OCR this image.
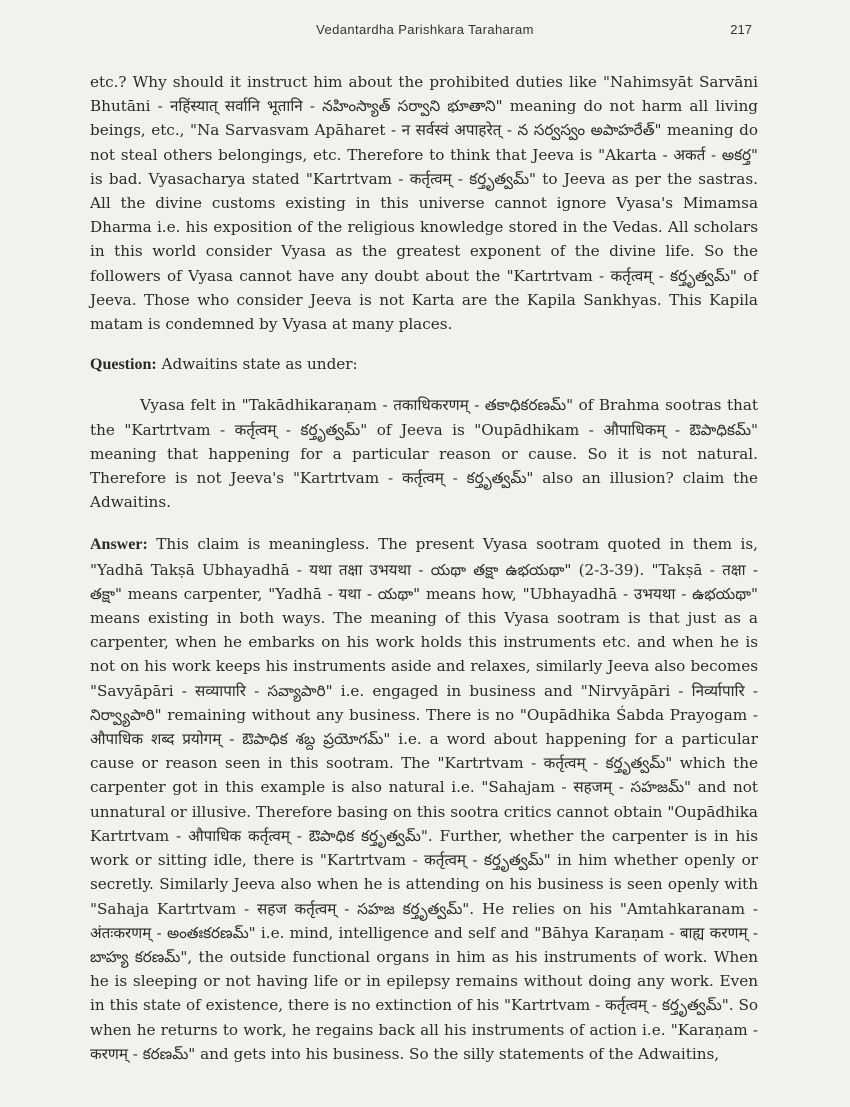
Vedantardha Parishkara Taraharam	217

etc.? Why should it instruct him about the prohibited duties like "Nahimsyāt Sarvāni Bhutāni - नहिंस्यात् सर्वानि भूतानि - నహింస్యాత్ సర్వాని భూతాని" meaning do not harm all living beings, etc., "Na Sarvasvam Apāharet - न सर्वस्वं अपाहरेत् - న సర్వస్వం అపాహరేత్" meaning do not steal others belongings, etc. Therefore to think that Jeeva is "Akarta - अकर्त - అకర్త" is bad. Vyasacharya stated "Kartrtvam - कर्तृत्वम् - కర్తృత్వమ్" to Jeeva as per the sastras. All the divine customs existing in this universe cannot ignore Vyasa's Mimamsa Dharma i.e. his exposition of the religious knowledge stored in the Vedas. All scholars in this world consider Vyasa as the greatest exponent of the divine life. So the followers of Vyasa cannot have any doubt about the "Kartrtvam - कर्तृत्वम् - కర్తృత్వమ్" of Jeeva. Those who consider Jeeva is not Karta are the Kapila Sankhyas. This Kapila matam is condemned by Vyasa at many places.

Question: Adwaitins state as under:

Vyasa felt in "Takādhikaraṇam - तकाधिकरणम् - తకాధికరణమ్" of Brahma sootras that the "Kartrtvam - कर्तृत्वम् - కర్తృత్వమ్" of Jeeva is "Oupādhikam - औपाधिकम् - ఔపాధికమ్" meaning that happening for a particular reason or cause. So it is not natural. Therefore is not Jeeva's "Kartrtvam - कर्तृत्वम् - కర్తృత్వమ్" also an illusion? claim the Adwaitins.

Answer: This claim is meaningless. The present Vyasa sootram quoted in them is, "Yadhā Takṣā Ubhayadhā - यथा तक्षा उभयथा - యథా తక్షా ఉభయథా" (2-3-39). "Takṣā - तक्षा - తక్షా" means carpenter, "Yadhā - यथा - యథా" means how, "Ubhayadhā - उभयथा - ఉభయథా" means existing in both ways. The meaning of this Vyasa sootram is that just as a carpenter, when he embarks on his work holds this instruments etc. and when he is not on his work keeps his instruments aside and relaxes, similarly Jeeva also becomes "Savyāpāri - सव्यापारि - సవ్యాపారి" i.e. engaged in business and "Nirvyāpāri - निर्व्यापारि - నిర్వ్యాపారి" remaining without any business. There is no "Oupādhika Śabda Prayogam - औपाधिक शब्द प्रयोगम् - ఔపాధిక శబ్ద ప్రయోగమ్" i.e. a word about happening for a particular cause or reason seen in this sootram. The "Kartrtvam - कर्तृत्वम् - కర్తృత్వమ్" which the carpenter got in this example is also natural i.e. "Sahajam - सहजम् - సహజమ్" and not unnatural or illusive. Therefore basing on this sootra critics cannot obtain "Oupādhika Kartrtvam - औपाधिक कर्तृत्वम् - ఔపాధిక కర్తృత్వమ్". Further, whether the carpenter is in his work or sitting idle, there is "Kartrtvam - कर्तृत्वम् - కర్తృత్వమ్" in him whether openly or secretly. Similarly Jeeva also when he is attending on his business is seen openly with "Sahaja Kartrtvam - सहज कर्तृत्वम् - సహజ కర్తృత్వమ్". He relies on his "Amtahkaranam - अंतःकरणम् - అంతఃకరణమ్" i.e. mind, intelligence and self and "Bāhya Karaṇam - बाह्य करणम् - బాహ్య కరణమ్", the outside functional organs in him as his instruments of work. When he is sleeping or not having life or in epilepsy remains without doing any work. Even in this state of existence, there is no extinction of his "Kartrtvam - कर्तृत्वम् - కర్తృత్వమ్". So when he returns to work, he regains back all his instruments of action i.e. "Karaṇam - करणम् - కరణమ్" and gets into his business. So the silly statements of the Adwaitins,
